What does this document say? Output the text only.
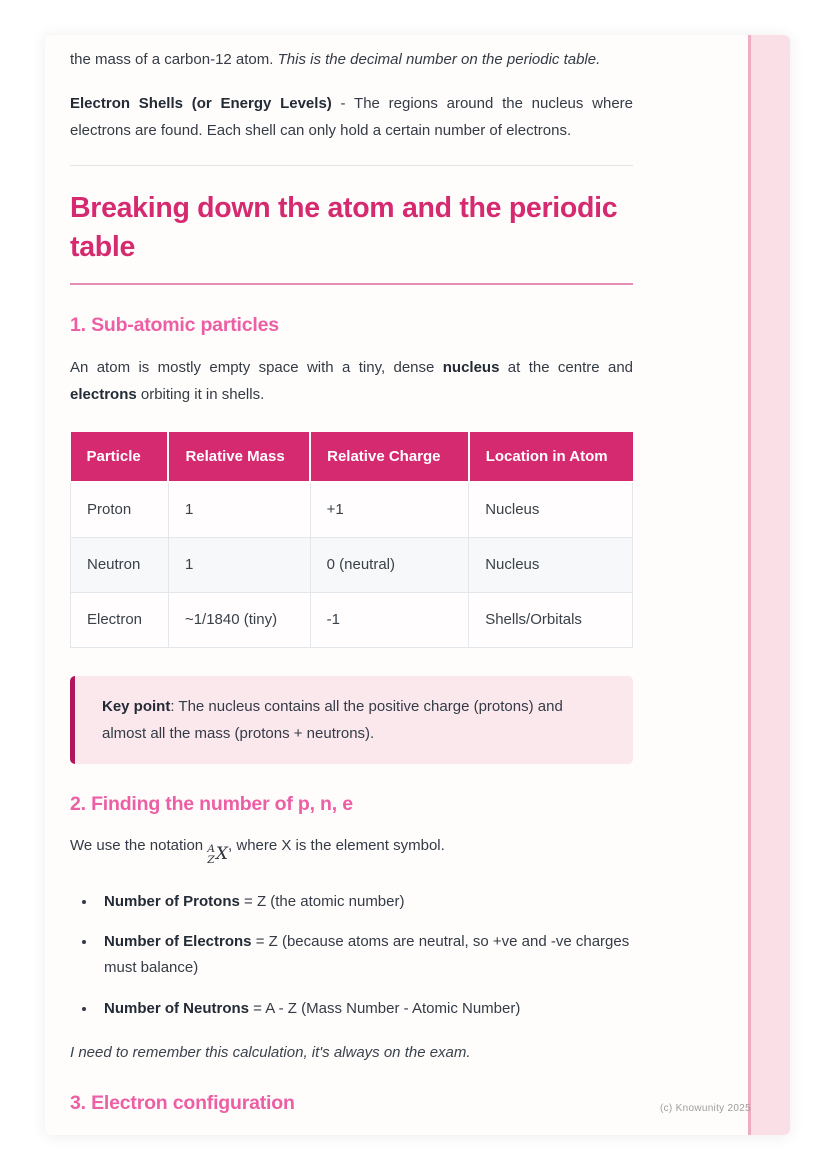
the mass of a carbon-12 atom. This is the decimal number on the periodic table.

Electron Shells (or Energy Levels) - The regions around the nucleus where electrons are found. Each shell can only hold a certain number of electrons.

Breaking down the atom and the periodic table
1. Sub-atomic particles

An atom is mostly empty space with a tiny, dense nucleus at the centre and electrons orbiting it in shells.

Particle	Relative Mass	Relative Charge	Location in Atom
Proton	1	+1	Nucleus
Neutron	1	0 (neutral)	Nucleus
Electron	~1/1840 (tiny)	-1	Shells/Orbitals
Key point: The nucleus contains all the positive charge (protons) and almost all the mass (protons + neutrons).
2. Finding the number of p, n, e

We use the notation A
Z X , where X is the element symbol.

• Number of Protons = Z (the atomic number)
• Number of Electrons = Z (because atoms are neutral, so +ve and -ve charges must balance)
• Number of Neutrons = A - Z (Mass Number - Atomic Number)

I need to remember this calculation, it's always on the exam.

3. Electron configuration	(c) Knowunity 2025
